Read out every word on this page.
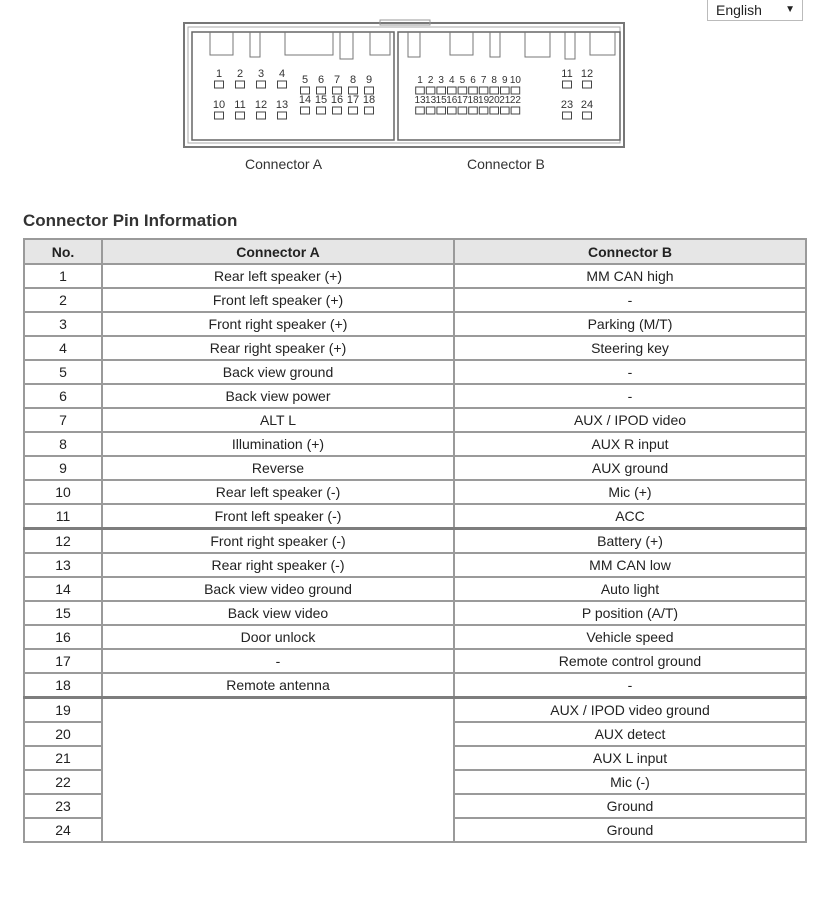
English ▼
1 2 3 4
10 11 12 13
5 6 7 8 9
14 15 16 17 18
1 2 3 4 5 6 7 8 9 10
13 13 15 16 17 18 19 20 21 22
11 12
23 24
Connector A	Connector B
Connector Pin Information
No.	Connector A	Connector B
1	Rear left speaker (+)	MM CAN high
2	Front left speaker (+)	-
3	Front right speaker (+)	Parking (M/T)
4	Rear right speaker (+)	Steering key
5	Back view ground	-
6	Back view power	-
7	ALT L	AUX / IPOD video
8	Illumination (+)	AUX R input
9	Reverse	AUX ground
10	Rear left speaker (-)	Mic (+)
11	Front left speaker (-)	ACC
12	Front right speaker (-)	Battery (+)
13	Rear right speaker (-)	MM CAN low
14	Back view video ground	Auto light
15	Back view video	P position (A/T)
16	Door unlock	Vehicle speed
17	-	Remote control ground
18	Remote antenna	-
19		AUX / IPOD video ground
20		AUX detect
21		AUX L input
22		Mic (-)
23		Ground
24		Ground
